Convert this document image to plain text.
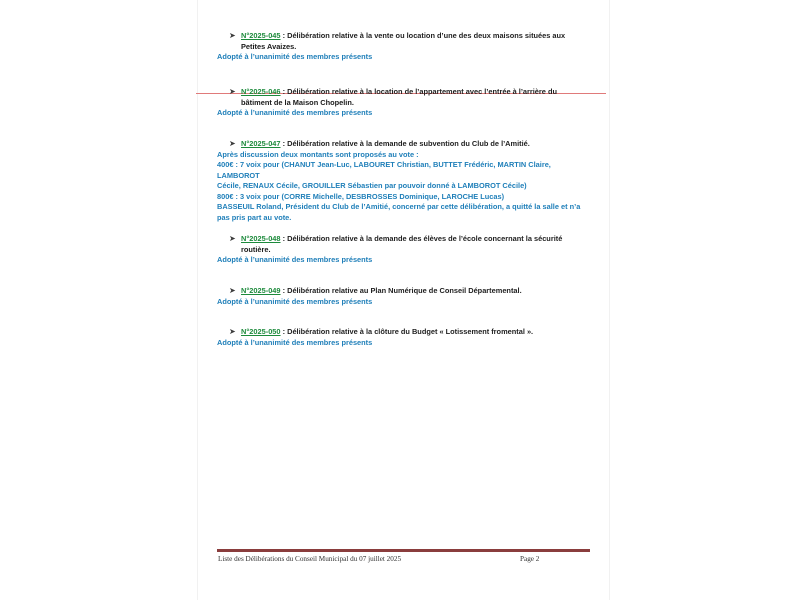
➤ N°2025-045 : Délibération relative à la vente ou location d’une des deux maisons situées aux
Petites Avaizes.
Adopté à l’unanimité des membres présents
➤ N°2025-046 : Délibération relative à la location de l’appartement avec l’entrée à l’arrière du
bâtiment de la Maison Chopelin.
Adopté à l’unanimité des membres présents
➤ N°2025-047 : Délibération relative à la demande de subvention du Club de l’Amitié.
Après discussion deux montants sont proposés au vote :
400€ : 7 voix pour (CHANUT Jean-Luc, LABOURET Christian, BUTTET Frédéric, MARTIN Claire, LAMBOROT
Cécile, RENAUX Cécile, GROUILLER Sébastien par pouvoir donné à LAMBOROT Cécile)
800€ : 3 voix pour (CORRE Michelle, DESBROSSES Dominique, LAROCHE Lucas)
BASSEUIL Roland, Président du Club de l’Amitié, concerné par cette délibération, a quitté la salle et n’a
pas pris part au vote.
➤ N°2025-048 : Délibération relative à la demande des élèves de l’école concernant la sécurité
routière.
Adopté à l’unanimité des membres présents
➤ N°2025-049 : Délibération relative au Plan Numérique de Conseil Départemental.
Adopté à l’unanimité des membres présents
➤ N°2025-050 : Délibération relative à la clôture du Budget « Lotissement fromental ».
Adopté à l’unanimité des membres présents
Liste des Délibérations du Conseil Municipal du 07 juillet 2025	Page 2
